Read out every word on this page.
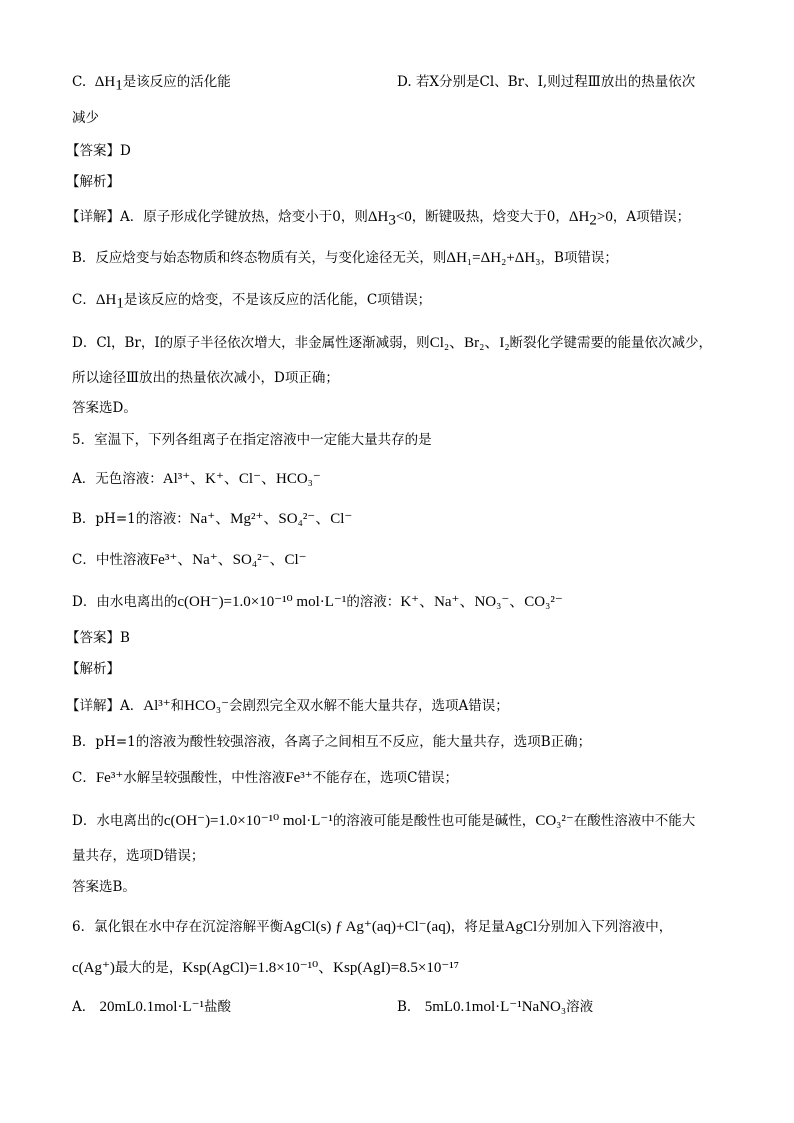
C. $\Delta H_1$是该反应的活化能	D. 若X分别是Cl、Br、I,则过程Ⅲ放出的热量依次
减少
【答案】D
【解析】
【详解】A．原子形成化学键放热，焓变小于0，则$\Delta H_3<0$，断键吸热，焓变大于0，$\Delta H_2>0$，A项错误；
B．反应焓变与始态物质和终态物质有关，与变化途径无关，则ΔH₁=ΔH₂+ΔH₃，B项错误；
C．$\Delta H_1$是该反应的焓变，不是该反应的活化能，C项错误；
D．Cl，Br，I的原子半径依次增大，非金属性逐渐减弱，则Cl₂、Br₂、I₂断裂化学键需要的能量依次减少，
所以途径Ⅲ放出的热量依次减小，D项正确；
答案选D。
5．室温下，下列各组离子在指定溶液中一定能大量共存的是
A．无色溶液：Al³⁺、K⁺、Cl⁻、HCO₃⁻
B．pH=1的溶液：Na⁺、Mg²⁺、SO₄²⁻、Cl⁻
C．中性溶液Fe³⁺、Na⁺、SO₄²⁻、Cl⁻
D．由水电离出的c(OH⁻)=1.0×10⁻¹⁰ mol·L⁻¹的溶液：K⁺、Na⁺、NO₃⁻、CO₃²⁻
【答案】B
【解析】
【详解】A．Al³⁺和HCO₃⁻会剧烈完全双水解不能大量共存，选项A错误；
B．pH=1的溶液为酸性较强溶液，各离子之间相互不反应，能大量共存，选项B正确；
C．Fe³⁺水解呈较强酸性，中性溶液Fe³⁺不能存在，选项C错误；
D．水电离出的c(OH⁻)=1.0×10⁻¹⁰ mol·L⁻¹的溶液可能是酸性也可能是碱性，CO₃²⁻在酸性溶液中不能大
量共存，选项D错误；
答案选B。
6．氯化银在水中存在沉淀溶解平衡AgCl(s) ƒ Ag⁺(aq)+Cl⁻(aq)，将足量AgCl分别加入下列溶液中，
c(Ag⁺)最大的是，Ksp(AgCl)=1.8×10⁻¹⁰、Ksp(AgI)=8.5×10⁻¹⁷
A． 20mL0.1mol·L⁻¹盐酸	B． 5mL0.1mol·L⁻¹NaNO₃溶液
